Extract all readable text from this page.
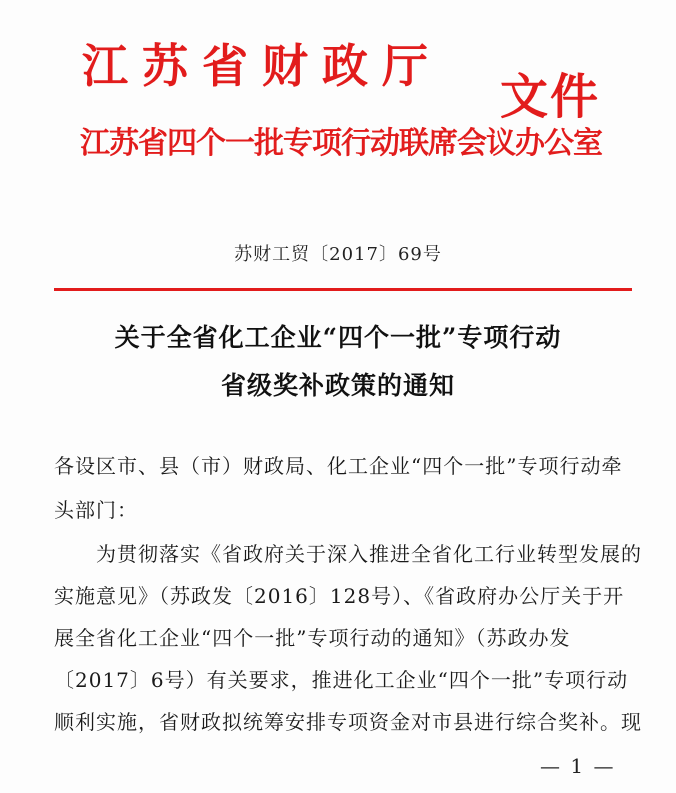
江苏省财政厅
江苏省四个一批专项行动联席会议办公室
文件
苏财工贸〔2017〕69号
关于全省化工企业“四个一批”专项行动
省级奖补政策的通知
各设区市、县（市）财政局、化工企业“四个一批”专项行动牵
头部门：
为贯彻落实《省政府关于深入推进全省化工行业转型发展的
实施意见》（苏政发〔2016〕128号）、《省政府办公厅关于开
展全省化工企业“四个一批”专项行动的通知》（苏政办发
〔2017〕6号）有关要求，推进化工企业“四个一批”专项行动
顺利实施，省财政拟统筹安排专项资金对市县进行综合奖补。现
— 1 —
